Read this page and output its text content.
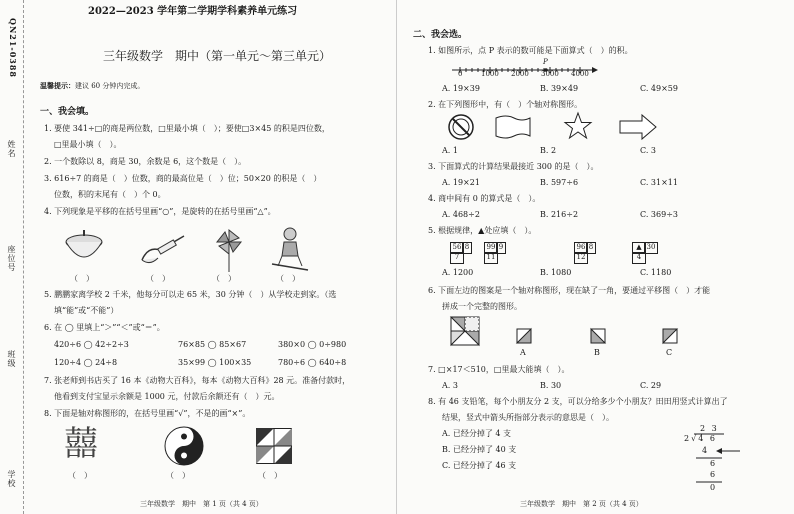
QN21-0388
姓名
座位号
班级
学校
2022—2023 学年第二学期学科素养单元练习
三年级数学　期中（第一单元～第三单元）
温馨提示：建议 60 分钟内完成。
一、我会填。
1. 要使 341÷□的商是两位数，□里最小填（　）；要使□3×45 的积是四位数，
□里最小填（　）。
2. 一个数除以 8，商是 30，余数是 6，这个数是（　）。
3. 616÷7 的商是（　）位数，商的最高位是（　）位；50×20 的积是（　）
位数，积的末尾有（　）个 0。
4. 下列现象是平移的在括号里画“○”，是旋转的在括号里画“△”。
（　）	（　）	（　）	（　）
5. 鹏鹏家离学校 2 千米，他每分可以走 65 米，30 分钟（　）从学校走到家。（选
填“能”或“不能”）
6. 在 ◯ 里填上“＞”“＜”或“＝”。
420÷6 ◯ 42÷2÷3	76×85 ◯ 85×67	380×0 ◯ 0÷980
120÷4 ◯ 24÷8	35×99 ◯ 100×35	780÷6 ◯ 640÷8
7. 张老师到书店买了 16 本《动物大百科》，每本《动物大百科》28 元。准备付款时，
他看到支付宝显示余额是 1000 元，付款后余额还有（　）元。
8. 下面是轴对称图形的，在括号里画“√”，不是的画“×”。
囍
（　）	（　）	（　）
三年级数学　期中　第 1 页（共 4 页）
二、我会选。
1. 如图所示，点 P 表示的数可能是下面算式（　）的积。
P
0	1000 2000 3000 4000
A. 19×39	B. 39×49	C. 49×59
2. 在下列图形中，有（　）个轴对称图形。
A. 1	B. 2	C. 3
3. 下面算式的计算结果最接近 300 的是（　）。
A. 19×21	B. 597÷6	C. 31×11
4. 商中间有 0 的算式是（　）。
A. 468÷2	B. 216÷2	C. 369÷3
5. 根据规律，▲处应填（　）。
56 8
7
99 9
11
96 8
12
▲ 30
4
A. 1200	B. 1080	C. 1180
6. 下面左边的图案是一个轴对称图形，现在缺了一角，要通过平移图（　）才能
拼成一个完整的图形。
A	B	C
7. □×17＜510，□里最大能填（　）。
A. 3	B. 30	C. 29
8. 有 46 支铅笔，每个小朋友分 2 支，可以分给多少个小朋友？田田用竖式计算出了
结果，竖式中箭头所指部分表示的意思是（　）。
A. 已经分掉了 4 支
B. 已经分掉了 40 支
C. 已经分掉了 46 支
2 3
2√4 6
4
6
6
0
三年级数学　期中　第 2 页（共 4 页）
